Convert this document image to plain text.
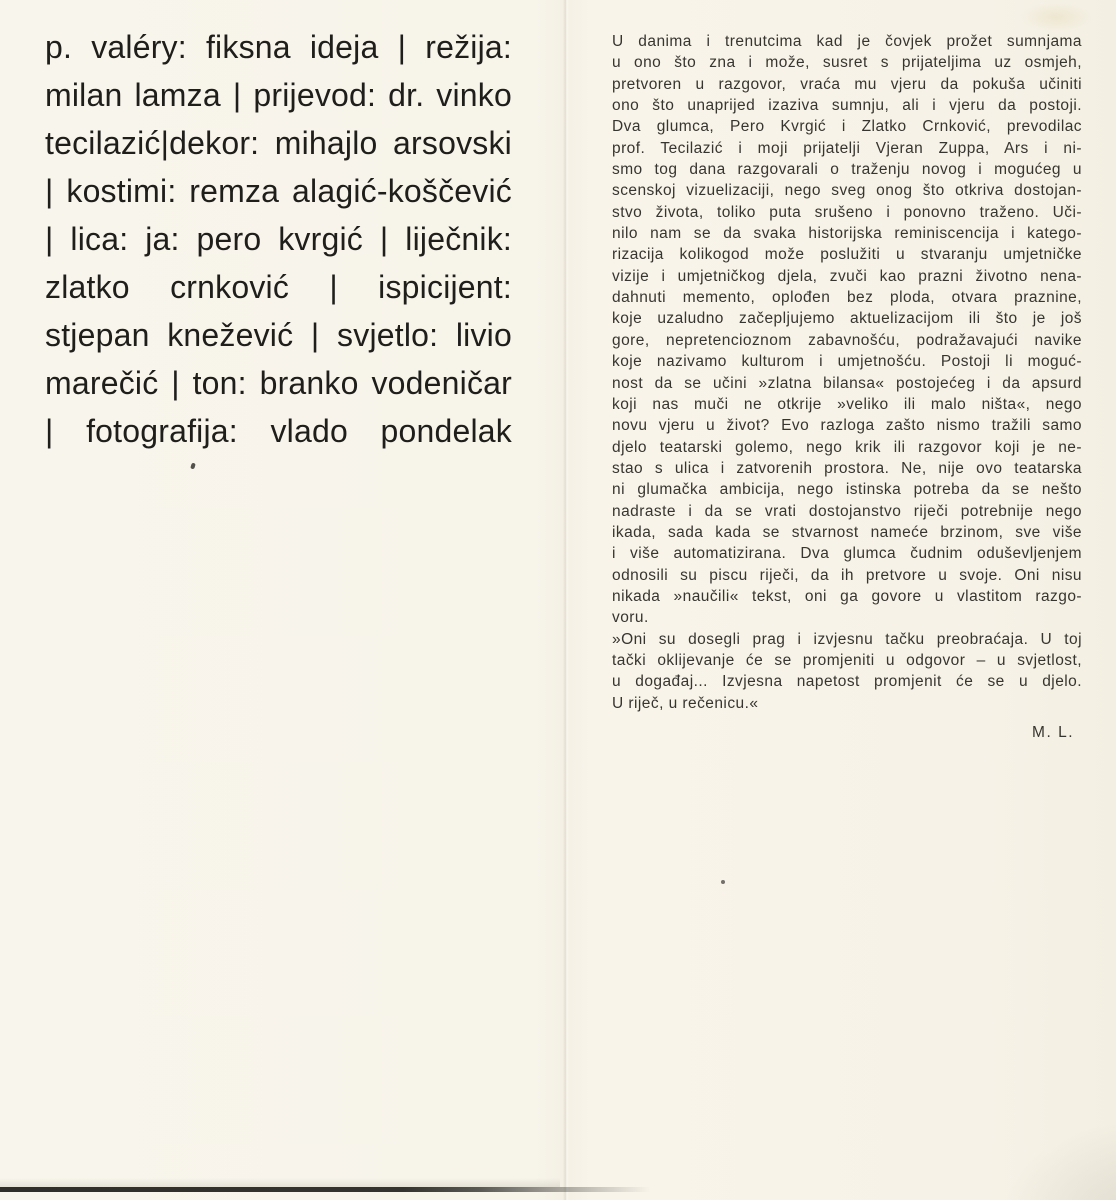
p. valéry: fiksna ideja | režija:
milan lamza | prijevod: dr. vinko
tecilazić|dekor: mihajlo arsovski
| kostimi: remza alagić-koščević
| lica: ja: pero kvrgić | liječnik:
zlatko crnković | ispicijent:
stjepan knežević | svjetlo: livio
marečić | ton: branko vodeničar
| fotografija: vlado pondelak
U danima i trenutcima kad je čovjek prožet sumnjama
u ono što zna i može, susret s prijateljima uz osmjeh,
pretvoren u razgovor, vraća mu vjeru da pokuša učiniti
ono što unaprijed izaziva sumnju, ali i vjeru da postoji.
Dva glumca, Pero Kvrgić i Zlatko Crnković, prevodilac
prof. Tecilazić i moji prijatelji Vjeran Zuppa, Ars i ni-
smo tog dana razgovarali o traženju novog i mogućeg u
scenskoj vizuelizaciji, nego sveg onog što otkriva dostojan-
stvo života, toliko puta srušeno i ponovno traženo. Uči-
nilo nam se da svaka historijska reminiscencija i katego-
rizacija kolikogod može poslužiti u stvaranju umjetničke
vizije i umjetničkog djela, zvuči kao prazni životno nena-
dahnuti memento, oplođen bez ploda, otvara praznine,
koje uzaludno začepljujemo aktuelizacijom ili što je još
gore, nepretencioznom zabavnošću, podražavajući navike
koje nazivamo kulturom i umjetnošću. Postoji li moguć-
nost da se učini »zlatna bilansa« postojećeg i da apsurd
koji nas muči ne otkrije »veliko ili malo ništa«, nego
novu vjeru u život? Evo razloga zašto nismo tražili samo
djelo teatarski golemo, nego krik ili razgovor koji je ne-
stao s ulica i zatvorenih prostora. Ne, nije ovo teatarska
ni glumačka ambicija, nego istinska potreba da se nešto
nadraste i da se vrati dostojanstvo riječi potrebnije nego
ikada, sada kada se stvarnost nameće brzinom, sve više
i više automatizirana. Dva glumca čudnim oduševljenjem
odnosili su piscu riječi, da ih pretvore u svoje. Oni nisu
nikada »naučili« tekst, oni ga govore u vlastitom razgo-
voru.
»Oni su dosegli prag i izvjesnu tačku preobraćaja. U toj
tački oklijevanje će se promjeniti u odgovor – u svjetlost,
u događaj... Izvjesna napetost promjenit će se u djelo.
U riječ, u rečenicu.«
M. L.
